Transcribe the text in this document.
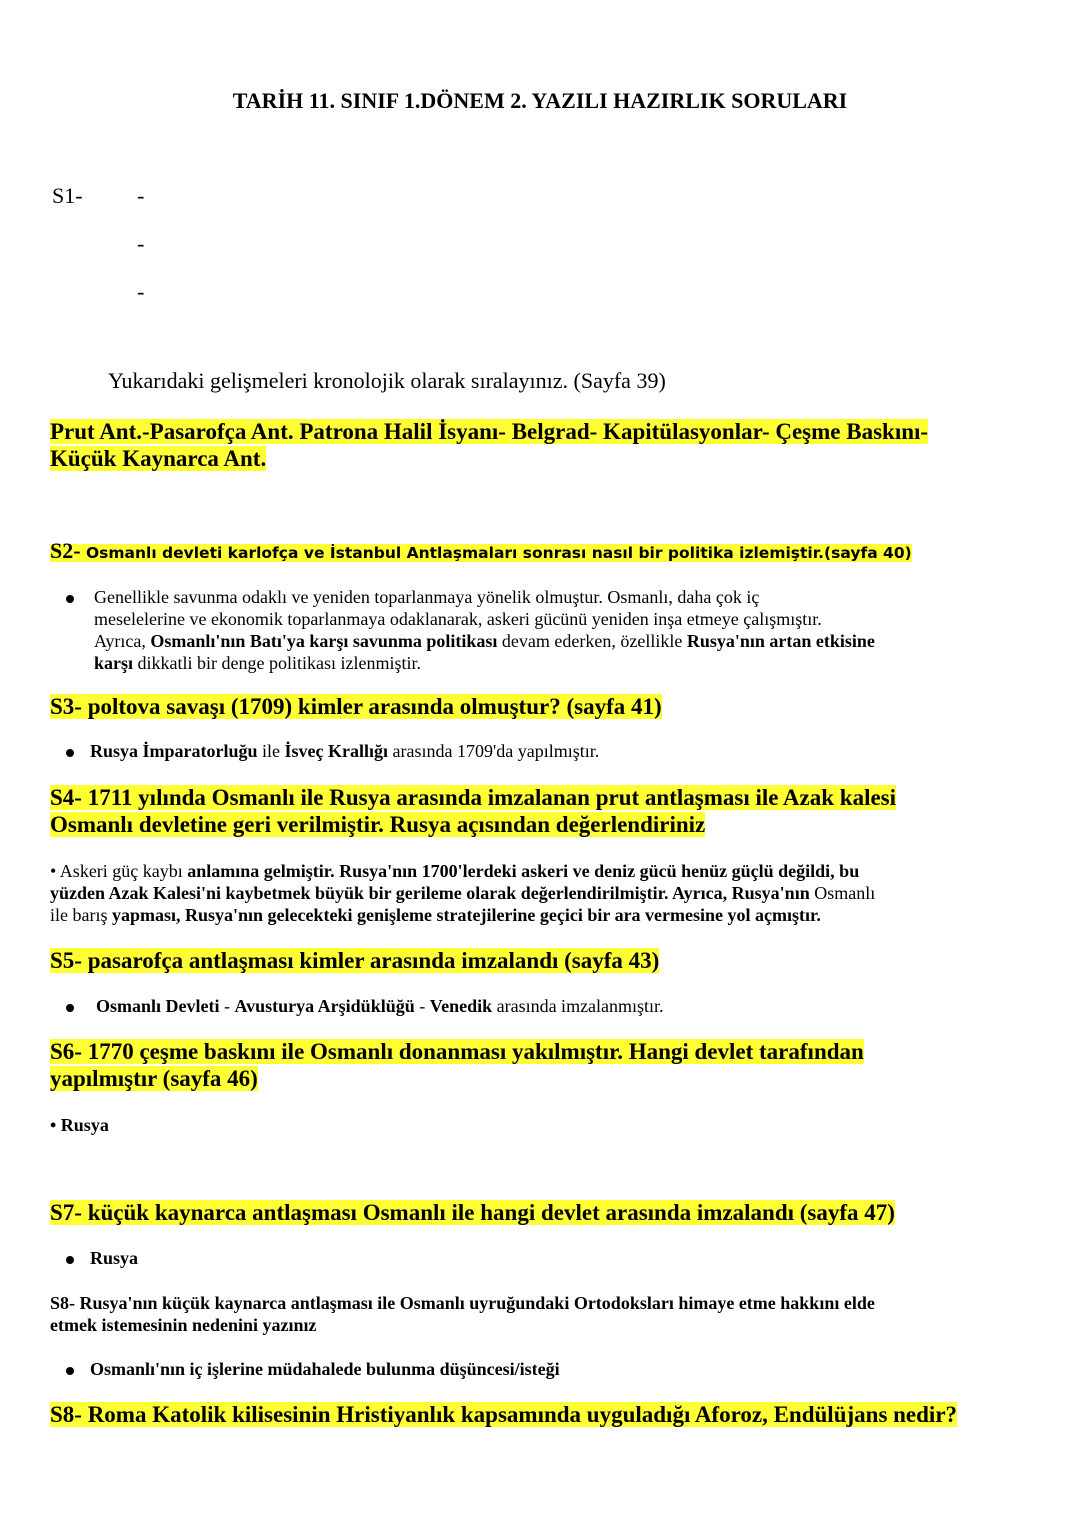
TARİH 11. SINIF 1.DÖNEM 2. YAZILI HAZIRLIK SORULARI
S1- -
-
-
Yukarıdaki gelişmeleri kronolojik olarak sıralayınız. (Sayfa 39)
Prut Ant.-Pasarofça Ant. Patrona Halil İsyanı- Belgrad- Kapitülasyonlar- Çeşme Baskını-
Küçük Kaynarca Ant.
S2- Osmanlı devleti karlofça ve İstanbul Antlaşmaları sonrası nasıl bir politika izlemiştir.(sayfa 40)
Genellikle savunma odaklı ve yeniden toparlanmaya yönelik olmuştur. Osmanlı, daha çok iç
meselelerine ve ekonomik toparlanmaya odaklanarak, askeri gücünü yeniden inşa etmeye çalışmıştır.
Ayrıca, Osmanlı'nın Batı'ya karşı savunma politikası devam ederken, özellikle Rusya'nın artan etkisine
karşı dikkatli bir denge politikası izlenmiştir.
S3- poltova savaşı (1709) kimler arasında olmuştur? (sayfa 41)
Rusya İmparatorluğu ile İsveç Krallığı arasında 1709'da yapılmıştır.
S4- 1711 yılında Osmanlı ile Rusya arasında imzalanan prut antlaşması ile Azak kalesi
Osmanlı devletine geri verilmiştir. Rusya açısından değerlendiriniz
• Askeri güç kaybı anlamına gelmiştir. Rusya'nın 1700'lerdeki askeri ve deniz gücü henüz güçlü değildi, bu
yüzden Azak Kalesi'ni kaybetmek büyük bir gerileme olarak değerlendirilmiştir. Ayrıca, Rusya'nın Osmanlı
ile barış yapması, Rusya'nın gelecekteki genişleme stratejilerine geçici bir ara vermesine yol açmıştır.
S5- pasarofça antlaşması kimler arasında imzalandı (sayfa 43)
Osmanlı Devleti - Avusturya Arşidüklüğü - Venedik arasında imzalanmıştır.
S6- 1770 çeşme baskını ile Osmanlı donanması yakılmıştır. Hangi devlet tarafından
yapılmıştır (sayfa 46)
• Rusya
S7- küçük kaynarca antlaşması Osmanlı ile hangi devlet arasında imzalandı (sayfa 47)
Rusya
S8- Rusya'nın küçük kaynarca antlaşması ile Osmanlı uyruğundaki Ortodoksları himaye etme hakkını elde
etmek istemesinin nedenini yazınız
Osmanlı'nın iç işlerine müdahalede bulunma düşüncesi/isteği
S8- Roma Katolik kilisesinin Hristiyanlık kapsamında uyguladığı Aforoz, Endülüjans nedir?
